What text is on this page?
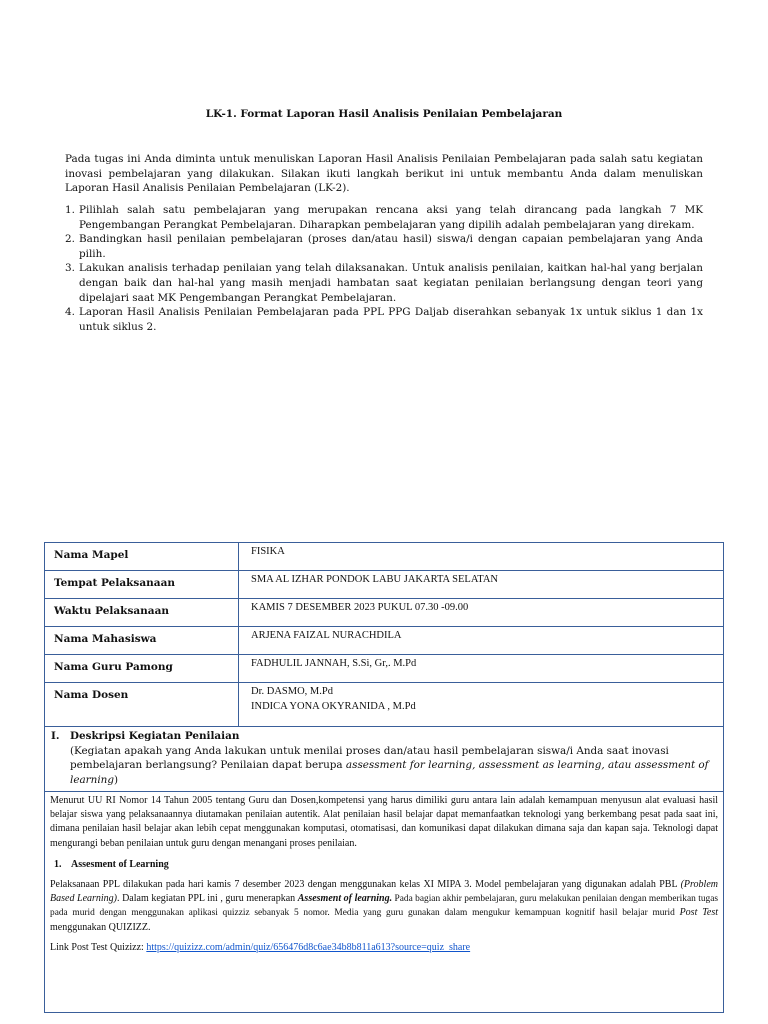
LK-1. Format Laporan Hasil Analisis Penilaian Pembelajaran

Pada tugas ini Anda diminta untuk menuliskan Laporan Hasil Analisis Penilaian Pembelajaran pada salah satu kegiatan inovasi pembelajaran yang dilakukan. Silakan ikuti langkah berikut ini untuk membantu Anda dalam menuliskan Laporan Hasil Analisis Penilaian Pembelajaran (LK-2).

1. Pilihlah salah satu pembelajaran yang merupakan rencana aksi yang telah dirancang pada langkah 7 MK Pengembangan Perangkat Pembelajaran. Diharapkan pembelajaran yang dipilih adalah pembelajaran yang direkam.
2. Bandingkan hasil penilaian pembelajaran (proses dan/atau hasil) siswa/i dengan capaian pembelajaran yang Anda pilih.
3. Lakukan analisis terhadap penilaian yang telah dilaksanakan. Untuk analisis penilaian, kaitkan hal-hal yang berjalan dengan baik dan hal-hal yang masih menjadi hambatan saat kegiatan penilaian berlangsung dengan teori yang dipelajari saat MK Pengembangan Perangkat Pembelajaran.
4. Laporan Hasil Analisis Penilaian Pembelajaran pada PPL PPG Daljab diserahkan sebanyak 1x untuk siklus 1 dan 1x untuk siklus 2.
Nama Mapel	FISIKA
Tempat Pelaksanaan	SMA AL IZHAR PONDOK LABU JAKARTA SELATAN
Waktu Pelaksanaan	KAMIS 7 DESEMBER 2023 PUKUL 07.30 -09.00
Nama Mahasiswa	ARJENA FAIZAL NURACHDILA
Nama Guru Pamong	FADHULIL JANNAH, S.Si, Gr,. M.Pd
Nama Dosen	Dr. DASMO, M.Pd
INDICA YONA OKYRANIDA , M.Pd
I. Deskripsi Kegiatan Penilaian
(Kegiatan apakah yang Anda lakukan untuk menilai proses dan/atau hasil pembelajaran siswa/i Anda saat inovasi pembelajaran berlangsung? Penilaian dapat berupa assessment for learning, assessment as learning, atau assessment of learning)

Menurut UU RI Nomor 14 Tahun 2005 tentang Guru dan Dosen,kompetensi yang harus dimiliki guru antara lain adalah kemampuan menyusun alat evaluasi hasil belajar siswa yang pelaksanaannya diutamakan penilaian autentik. Alat penilaian hasil belajar dapat memanfaatkan teknologi yang berkembang pesat pada saat ini, dimana penilaian hasil belajar akan lebih cepat menggunakan komputasi, otomatisasi, dan komunikasi dapat dilakukan dimana saja dan kapan saja. Teknologi dapat mengurangi beban penilaian untuk guru dengan menangani proses penilaian.

1. Assesment of Learning

Pelaksanaan PPL dilakukan pada hari kamis 7 desember 2023 dengan menggunakan kelas XI MIPA 3. Model pembelajaran yang digunakan adalah PBL (Problem Based Learning). Dalam kegiatan PPL ini , guru menerapkan Assesment of learning. Pada bagian akhir pembelajaran, guru melakukan penilaian dengan memberikan tugas pada murid dengan menggunakan aplikasi quizziz sebanyak 5 nomor. Media yang guru gunakan dalam mengukur kemampuan kognitif hasil belajar murid Post Test menggunakan QUIZIZZ.

Link Post Test Quizizz: https://quizizz.com/admin/quiz/656476d8c6ae34b8b811a613?source=quiz_share
